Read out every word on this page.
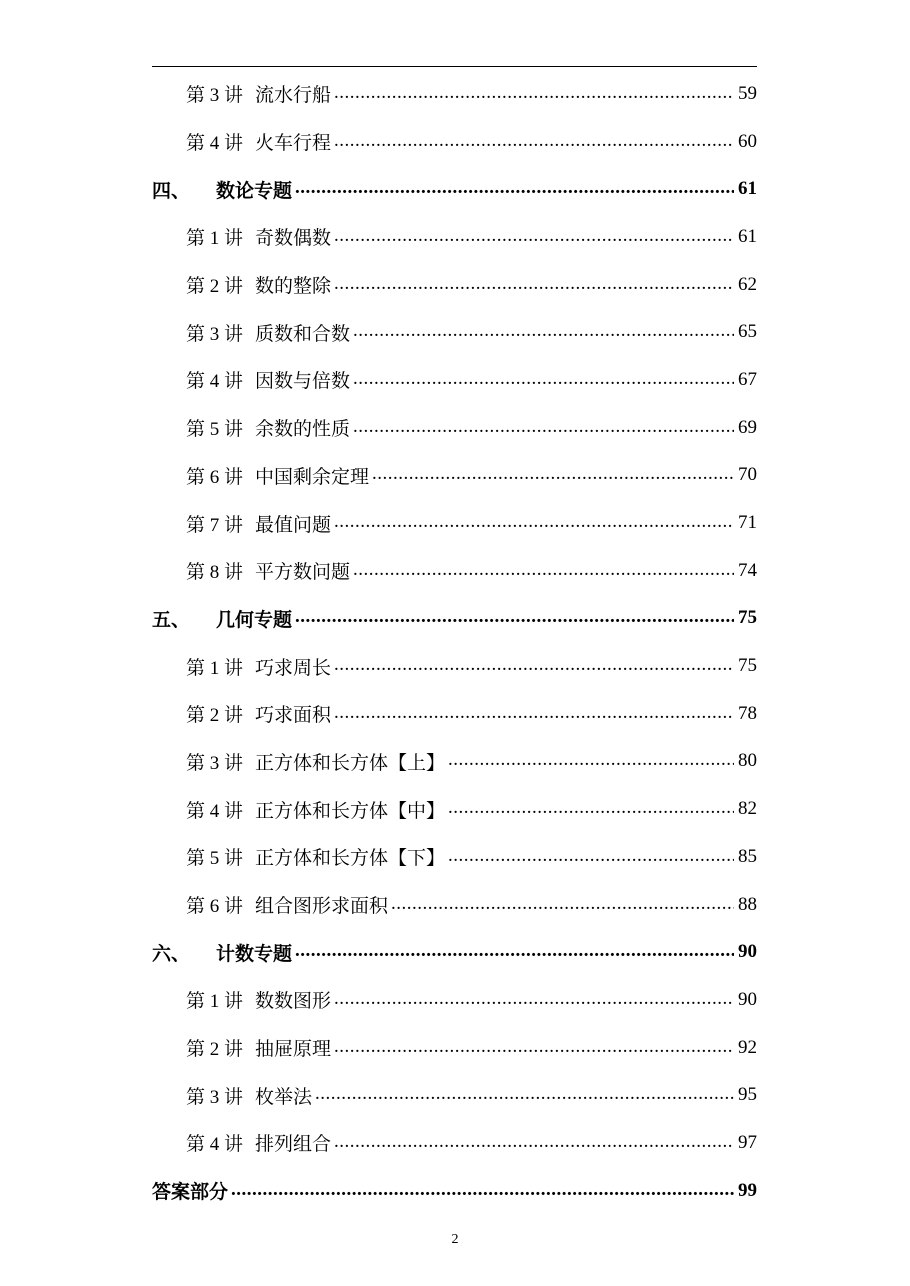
第 3 讲 流水行船 .....	59
第 4 讲 火车行程 .....	60
四、 数论专题 .....	61
第 1 讲 奇数偶数 .....	61
第 2 讲 数的整除 .....	62
第 3 讲 质数和合数 .....	65
第 4 讲 因数与倍数 .....	67
第 5 讲 余数的性质 .....	69
第 6 讲 中国剩余定理 .....	70
第 7 讲 最值问题 .....	71
第 8 讲 平方数问题 .....	74
五、 几何专题 .....	75
第 1 讲 巧求周长 .....	75
第 2 讲 巧求面积 .....	78
第 3 讲 正方体和长方体【上】 .....	80
第 4 讲 正方体和长方体【中】 .....	82
第 5 讲 正方体和长方体【下】 .....	85
第 6 讲 组合图形求面积 .....	88
六、 计数专题 .....	90
第 1 讲 数数图形 .....	90
第 2 讲 抽屉原理 .....	92
第 3 讲 枚举法 .....	95
第 4 讲 排列组合 .....	97
答案部分 .....	99
2
